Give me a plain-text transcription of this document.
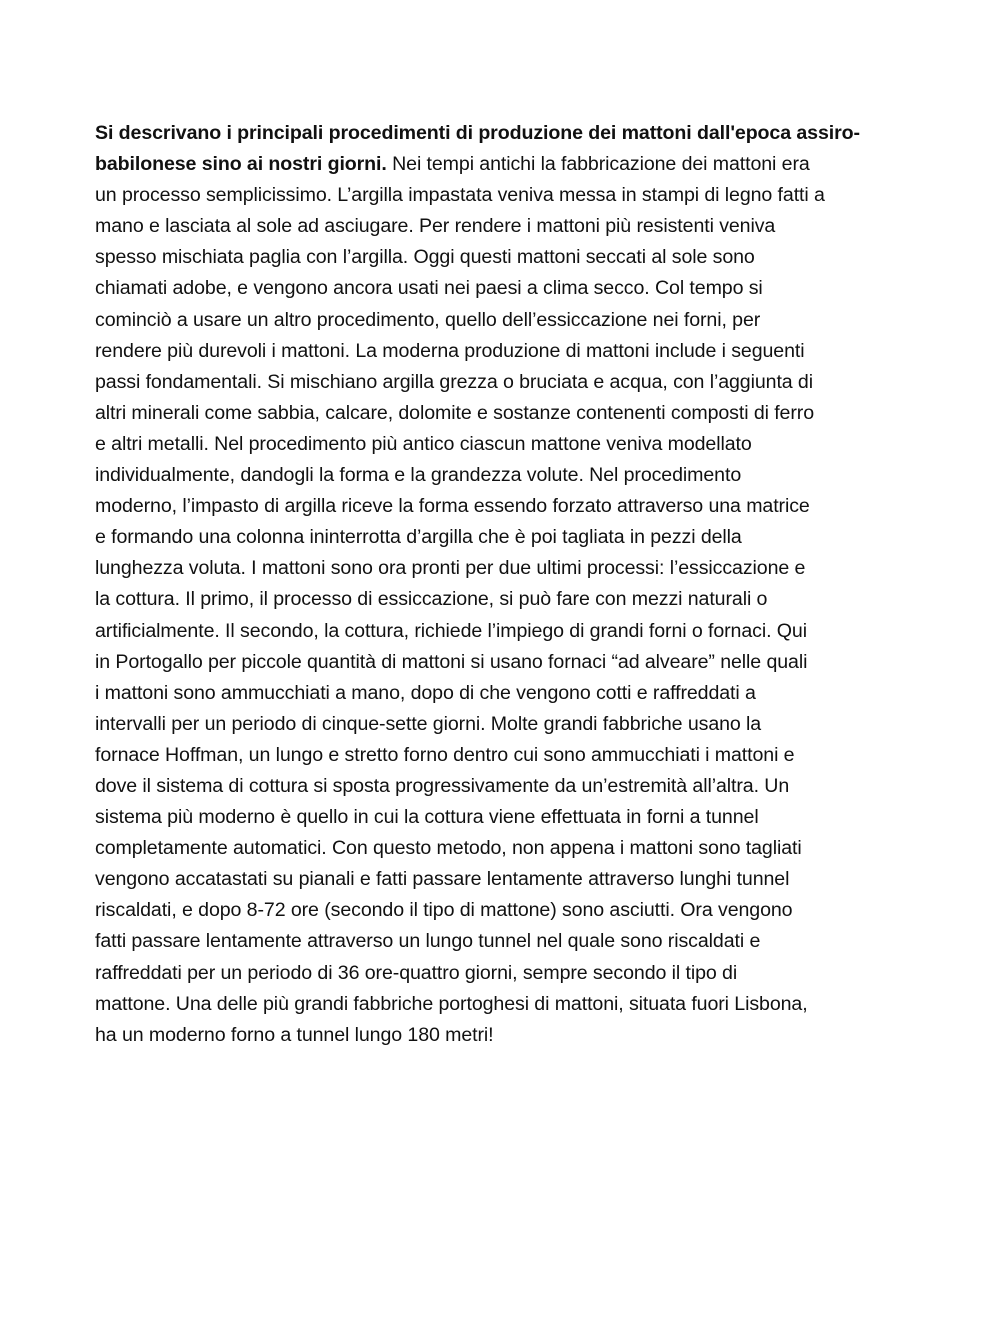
Si descrivano i principali procedimenti di produzione dei mattoni dall'epoca assiro-
babilonese sino ai nostri giorni. Nei tempi antichi la fabbricazione dei mattoni era
un processo semplicissimo. L’argilla impastata veniva messa in stampi di legno fatti a
mano e lasciata al sole ad asciugare. Per rendere i mattoni più resistenti veniva
spesso mischiata paglia con l’argilla. Oggi questi mattoni seccati al sole sono
chiamati adobe, e vengono ancora usati nei paesi a clima secco. Col tempo si
cominciò a usare un altro procedimento, quello dell’essiccazione nei forni, per
rendere più durevoli i mattoni. La moderna produzione di mattoni include i seguenti
passi fondamentali. Si mischiano argilla grezza o bruciata e acqua, con l’aggiunta di
altri minerali come sabbia, calcare, dolomite e sostanze contenenti composti di ferro
e altri metalli. Nel procedimento più antico ciascun mattone veniva modellato
individualmente, dandogli la forma e la grandezza volute. Nel procedimento
moderno, l’impasto di argilla riceve la forma essendo forzato attraverso una matrice
e formando una colonna ininterrotta d’argilla che è poi tagliata in pezzi della
lunghezza voluta. I mattoni sono ora pronti per due ultimi processi: l’essiccazione e
la cottura. Il primo, il processo di essiccazione, si può fare con mezzi naturali o
artificialmente. Il secondo, la cottura, richiede l’impiego di grandi forni o fornaci. Qui
in Portogallo per piccole quantità di mattoni si usano fornaci “ad alveare” nelle quali
i mattoni sono ammucchiati a mano, dopo di che vengono cotti e raffreddati a
intervalli per un periodo di cinque-sette giorni. Molte grandi fabbriche usano la
fornace Hoffman, un lungo e stretto forno dentro cui sono ammucchiati i mattoni e
dove il sistema di cottura si sposta progressivamente da un’estremità all’altra. Un
sistema più moderno è quello in cui la cottura viene effettuata in forni a tunnel
completamente automatici. Con questo metodo, non appena i mattoni sono tagliati
vengono accatastati su pianali e fatti passare lentamente attraverso lunghi tunnel
riscaldati, e dopo 8-72 ore (secondo il tipo di mattone) sono asciutti. Ora vengono
fatti passare lentamente attraverso un lungo tunnel nel quale sono riscaldati e
raffreddati per un periodo di 36 ore-quattro giorni, sempre secondo il tipo di
mattone. Una delle più grandi fabbriche portoghesi di mattoni, situata fuori Lisbona,
ha un moderno forno a tunnel lungo 180 metri!
